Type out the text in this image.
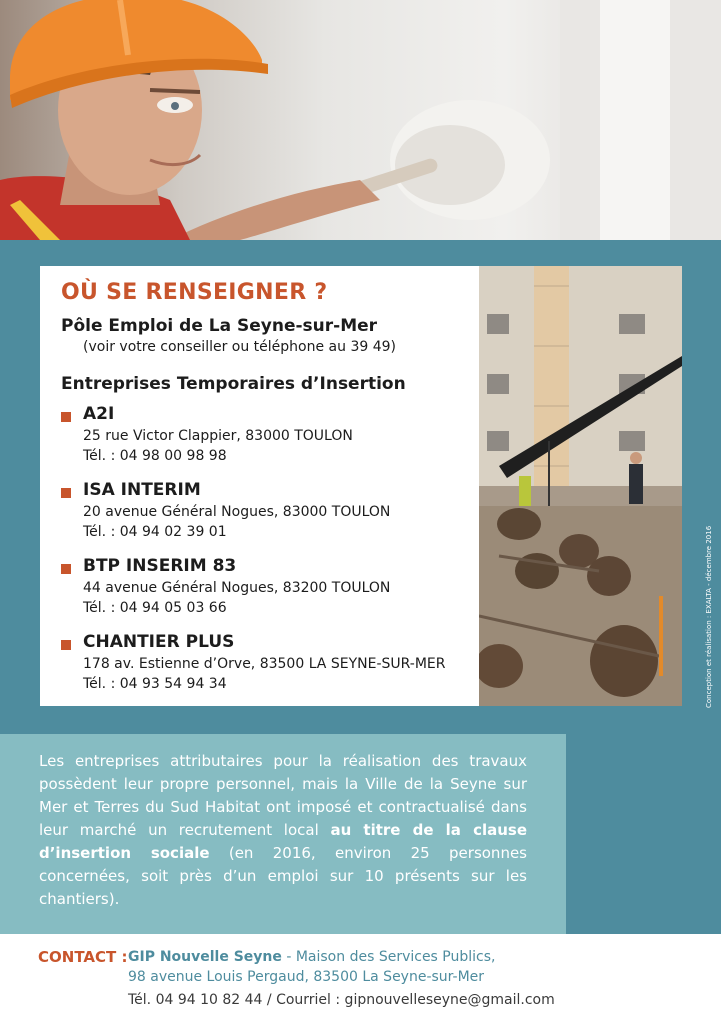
OÙ SE RENSEIGNER ?
Pôle Emploi de La Seyne-sur-Mer
(voir votre conseiller ou téléphone au 39 49)
Entreprises Temporaires d’Insertion
A2I
25 rue Victor Clappier, 83000 TOULON
Tél. : 04 98 00 98 98
ISA INTERIM
20 avenue Général Nogues, 83000 TOULON
Tél. : 04 94 02 39 01
BTP INSERIM 83
44 avenue Général Nogues, 83200 TOULON
Tél. : 04 94 05 03 66
CHANTIER PLUS
178 av. Estienne d’Orve, 83500 LA SEYNE-SUR-MER
Tél. : 04 93 54 94 34	Conception et réalisation : EXALTA - décembre 2016
Les entreprises attributaires pour la réalisation des travaux possèdent leur propre personnel, mais la Ville de la Seyne sur Mer et Terres du Sud Habitat ont imposé et contractualisé dans leur marché un recrutement local au titre de la clause d’insertion sociale (en 2016, environ 25 personnes concernées, soit près d’un emploi sur 10 présents sur les chantiers).
CONTACT : GIP Nouvelle Seyne - Maison des Services Publics,
98 avenue Louis Pergaud, 83500 La Seyne-sur-Mer
Tél. 04 94 10 82 44 / Courriel : gipnouvelleseyne@gmail.com
